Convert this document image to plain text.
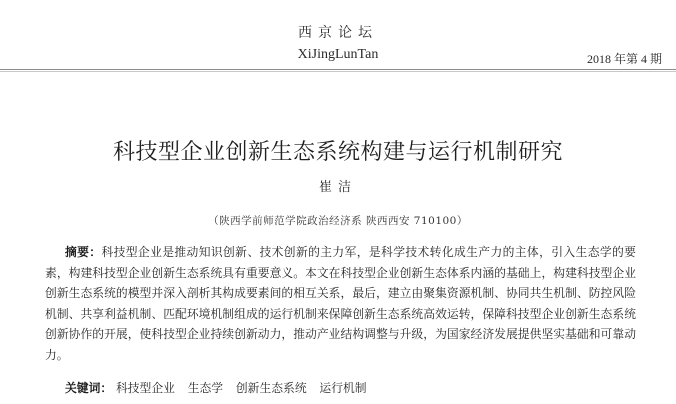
西京论坛
XiJingLunTan	2018 年第 4 期
科技型企业创新生态系统构建与运行机制研究
崔洁
（陕西学前师范学院政治经济系 陕西西安 710100）
摘要：科技型企业是推动知识创新、技术创新的主力军，是科学技术转化成生产力的主体，引入生态学的要素，构建科技型企业创新生态系统具有重要意义。本文在科技型企业创新生态体系内涵的基础上，构建科技型企业创新生态系统的模型并深入剖析其构成要素间的相互关系，最后，建立由聚集资源机制、协同共生机制、防控风险机制、共享利益机制、匹配环境机制组成的运行机制来保障创新生态系统高效运转，保障科技型企业创新生态系统创新协作的开展，使科技型企业持续创新动力，推动产业结构调整与升级，为国家经济发展提供坚实基础和可靠动力。
关键词： 科技型企业 生态学 创新生态系统 运行机制
